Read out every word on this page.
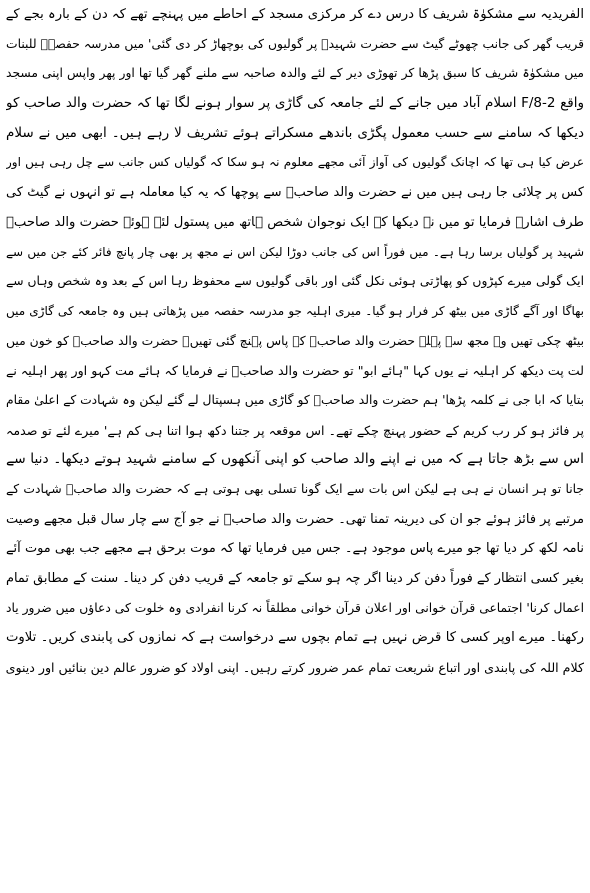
الفریدیہ سے مشکوٰۃ شریف کا درس دے کر مرکزی مسجد کے احاطے میں پہنچے تھے کہ دن کے بارہ بجے کے
قریب گھر کی جانب چھوٹے گیٹ سے حضرت شہیدؒ پر گولیوں کی بوچھاڑ کر دی گئی' میں مدرسہ حفصہؓ للبنات
میں مشکوٰۃ شریف کا سبق پڑھا کر تھوڑی دیر کے لئے والدہ صاحبہ سے ملنے گھر گیا تھا اور پھر واپس اپنی مسجد
واقع F/8-2 اسلام آباد میں جانے کے لئے جامعہ کی گاڑی پر سوار ہونے لگا تھا کہ حضرت والد صاحب کو
دیکھا کہ سامنے سے حسب معمول پگڑی باندھے مسکراتے ہوئے تشریف لا رہے ہیں۔ ابھی میں نے سلام
عرض کیا ہی تھا کہ اچانک گولیوں کی آواز آئی مجھے معلوم نہ ہو سکا کہ گولیاں کس جانب سے چل رہی ہیں اور
کس پر چلائی جا رہی ہیں میں نے حضرت والد صاحبؒ سے پوچھا کہ یہ کیا معاملہ ہے تو انہوں نے گیٹ کی
طرف اشارہ فرمایا تو میں نے دیکھا کہ ایک نوجوان شخص ہاتھ میں پستول لئے ہوئے حضرت والد صاحبؒ
شہید پر گولیاں برسا رہا ہے۔ میں فوراً اس کی جانب دوڑا لیکن اس نے مجھ پر بھی چار پانچ فائر کئے جن میں سے
ایک گولی میرے کپڑوں کو پھاڑتی ہوئی نکل گئی اور باقی گولیوں سے محفوظ رہا اس کے بعد وہ شخص وہاں سے
بھاگا اور آگے گاڑی میں بیٹھ کر فرار ہو گیا۔ میری اہلیہ جو مدرسہ حفصہ میں پڑھاتی ہیں وہ جامعہ کی گاڑی میں
بیٹھ چکی تھیں وہ مجھ سے پہلے حضرت والد صاحبؒ کے پاس پہنچ گئی تھیں۔ حضرت والد صاحبؒ کو خون میں
لت پت دیکھ کر اہلیہ نے یوں کہا "ہائے ابو" تو حضرت والد صاحبؒ نے فرمایا کہ ہائے مت کہو اور پھر اہلیہ نے
بتایا کہ ابا جی نے کلمہ پڑھا' ہم حضرت والد صاحبؒ کو گاڑی میں ہسپتال لے گئے لیکن وہ شہادت کے اعلیٰ مقام
پر فائز ہو کر رب کریم کے حضور پہنچ چکے تھے۔ اس موقعہ پر جتنا دکھ ہوا اتنا ہی کم ہے' میرے لئے تو صدمہ
اس سے بڑھ جاتا ہے کہ میں نے اپنے والد صاحب کو اپنی آنکھوں کے سامنے شہید ہوتے دیکھا۔ دنیا سے
جانا تو ہر انسان نے ہی ہے لیکن اس بات سے ایک گونا تسلی بھی ہوتی ہے کہ حضرت والد صاحبؒ شہادت کے
مرتبے پر فائز ہوئے جو ان کی دیرینہ تمنا تھی۔ حضرت والد صاحبؒ نے جو آج سے چار سال قبل مجھے وصیت
نامہ لکھ کر دیا تھا جو میرے پاس موجود ہے۔ جس میں فرمایا تھا کہ موت برحق ہے مجھے جب بھی موت آئے
بغیر کسی انتظار کے فوراً دفن کر دینا اگر چہ ہو سکے تو جامعہ کے قریب دفن کر دینا۔ سنت کے مطابق تمام
اعمال کرنا' اجتماعی قرآن خوانی اور اعلان قرآن خوانی مطلقاً نہ کرنا انفرادی وہ خلوت کی دعاؤں میں ضرور یاد
رکھنا۔ میرے اوپر کسی کا قرض نہیں ہے تمام بچوں سے درخواست ہے کہ نمازوں کی پابندی کریں۔ تلاوت
کلام اللہ کی پابندی اور اتباع شریعت تمام عمر ضرور کرتے رہیں۔ اپنی اولاد کو ضرور عالم دین بنائیں اور دینوی
